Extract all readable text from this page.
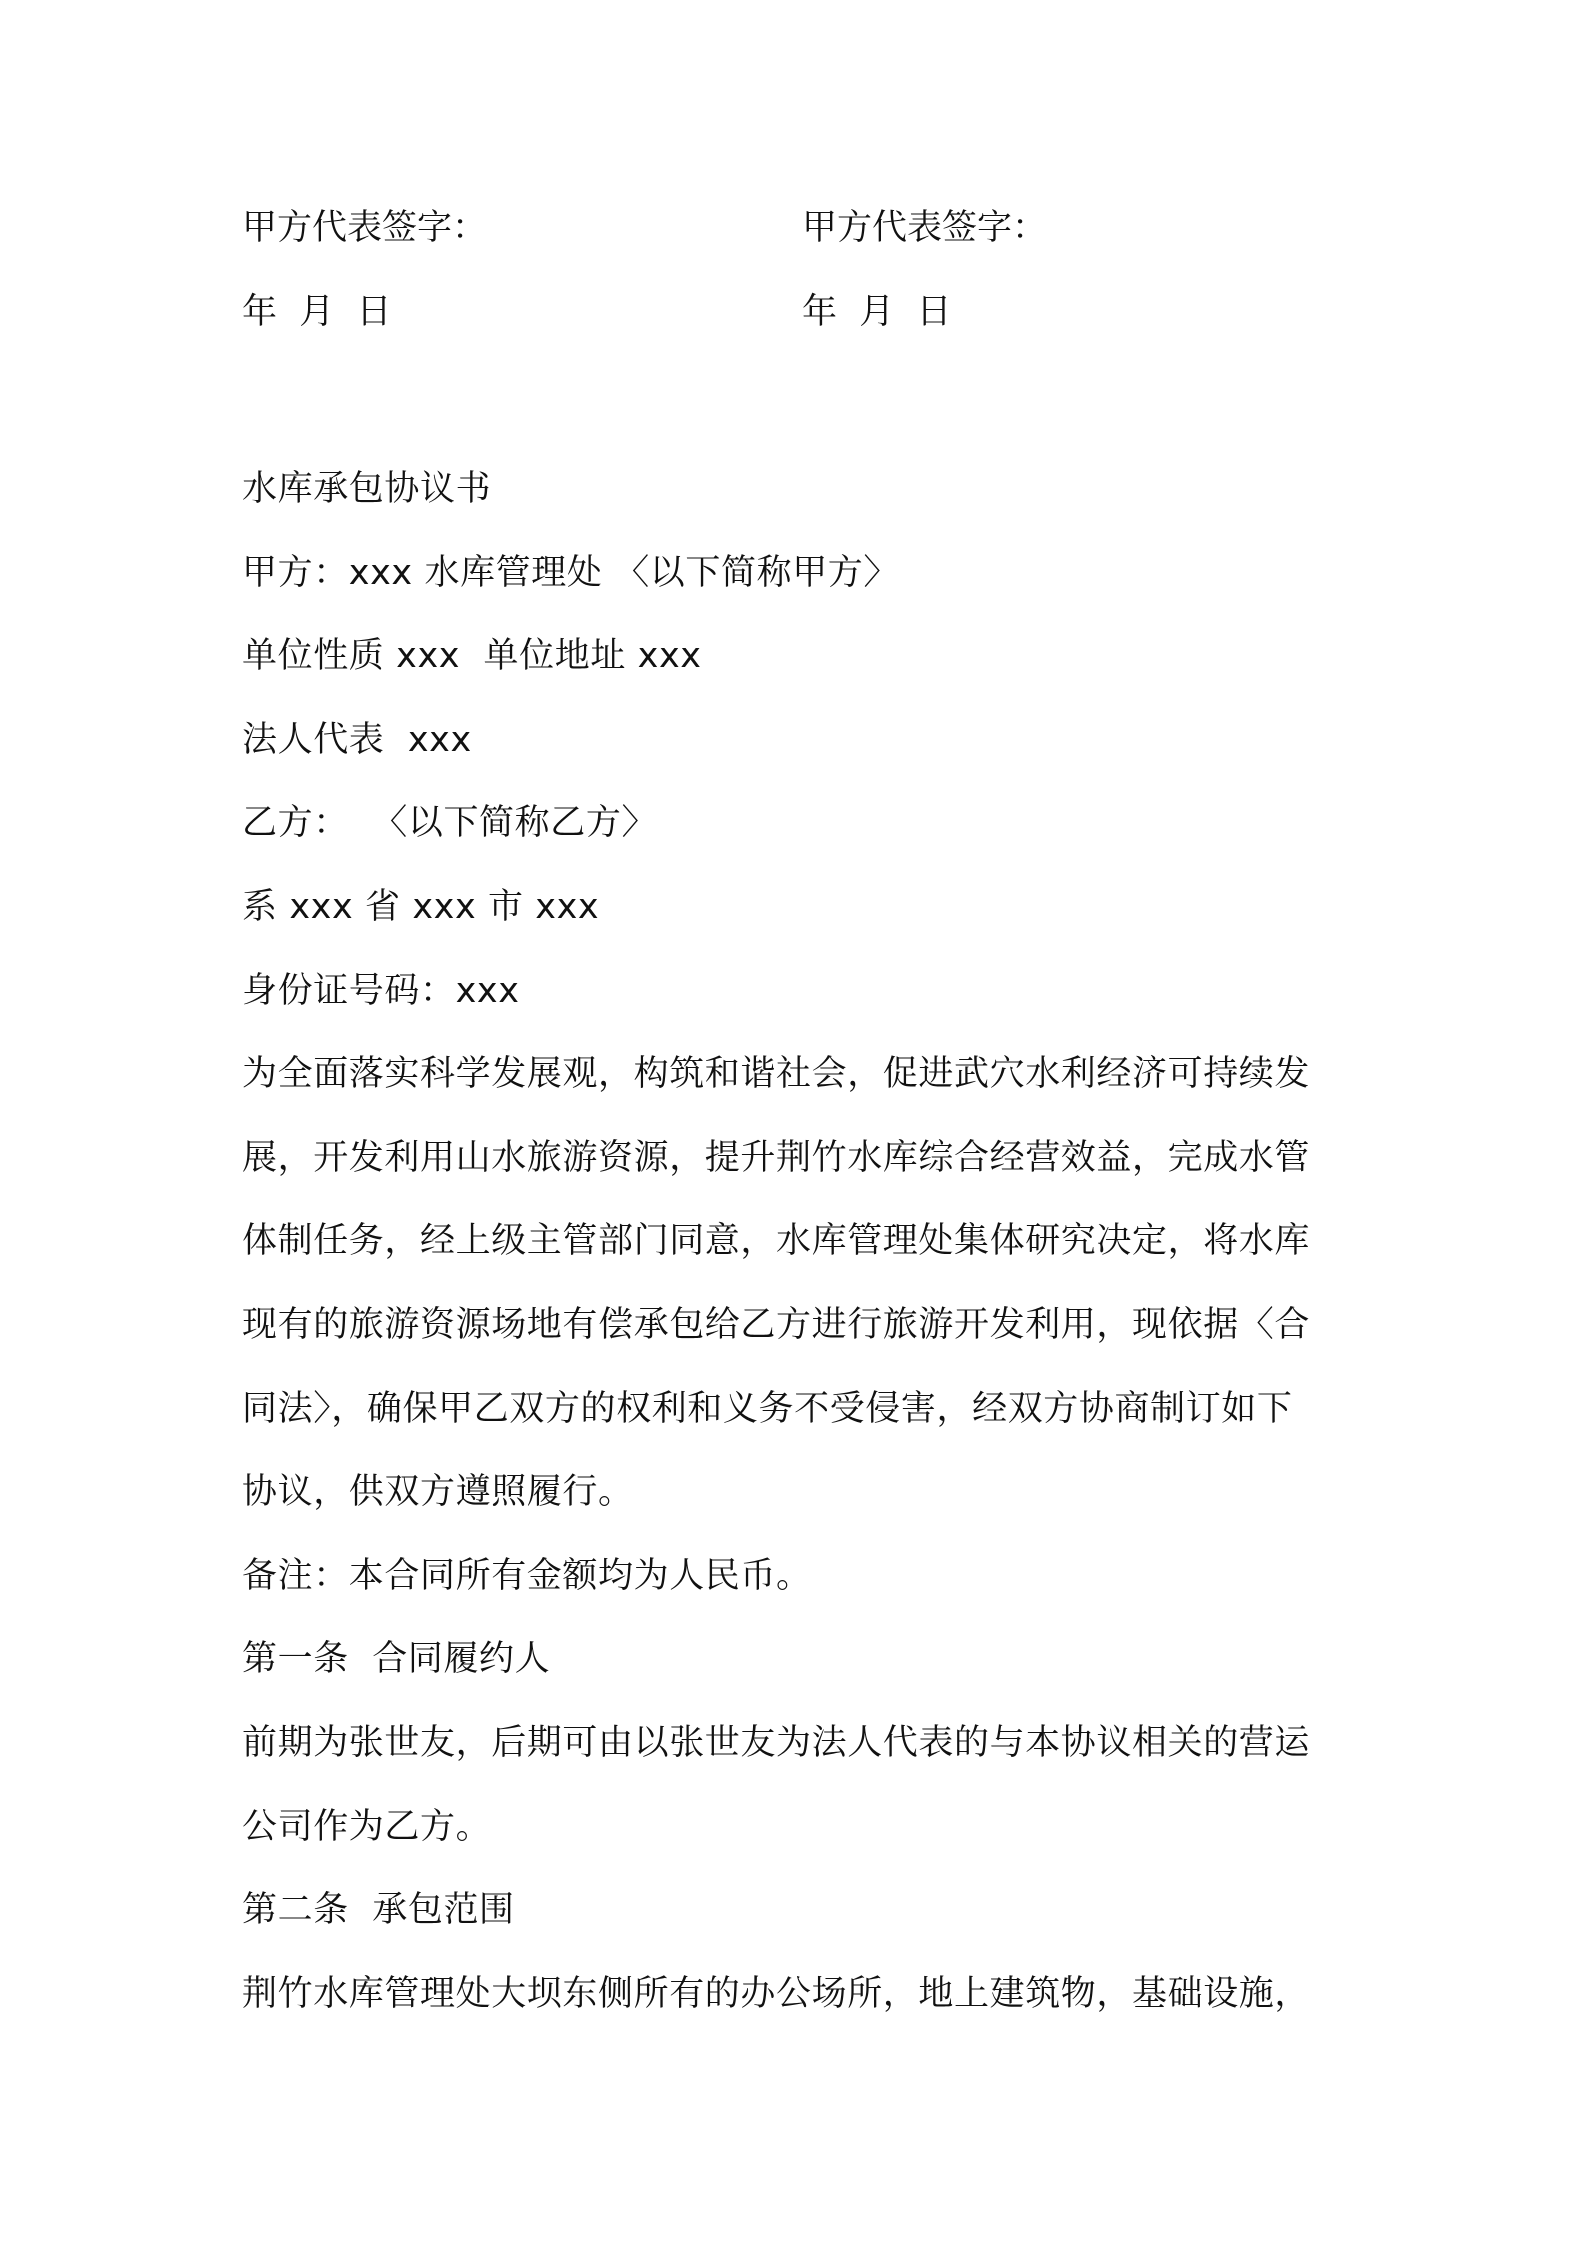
甲方代表签字：	甲方代表签字：
年  月  日	年  月  日
水库承包协议书
甲方：xxx 水库管理处 〈以下简称甲方〉
单位性质 xxx  单位地址 xxx
法人代表  xxx
乙方：  〈以下简称乙方〉
系 xxx 省 xxx 市 xxx
身份证号码：xxx
为全面落实科学发展观，构筑和谐社会，促进武穴水利经济可持续发
展，开发利用山水旅游资源，提升荆竹水库综合经营效益，完成水管
体制任务，经上级主管部门同意，水库管理处集体研究决定，将水库
现有的旅游资源场地有偿承包给乙方进行旅游开发利用，现依据〈合
同法〉，确保甲乙双方的权利和义务不受侵害，经双方协商制订如下
协议，供双方遵照履行。
备注：本合同所有金额均为人民币。
第一条  合同履约人
前期为张世友，后期可由以张世友为法人代表的与本协议相关的营运
公司作为乙方。
第二条  承包范围
荆竹水库管理处大坝东侧所有的办公场所，地上建筑物，基础设施，
